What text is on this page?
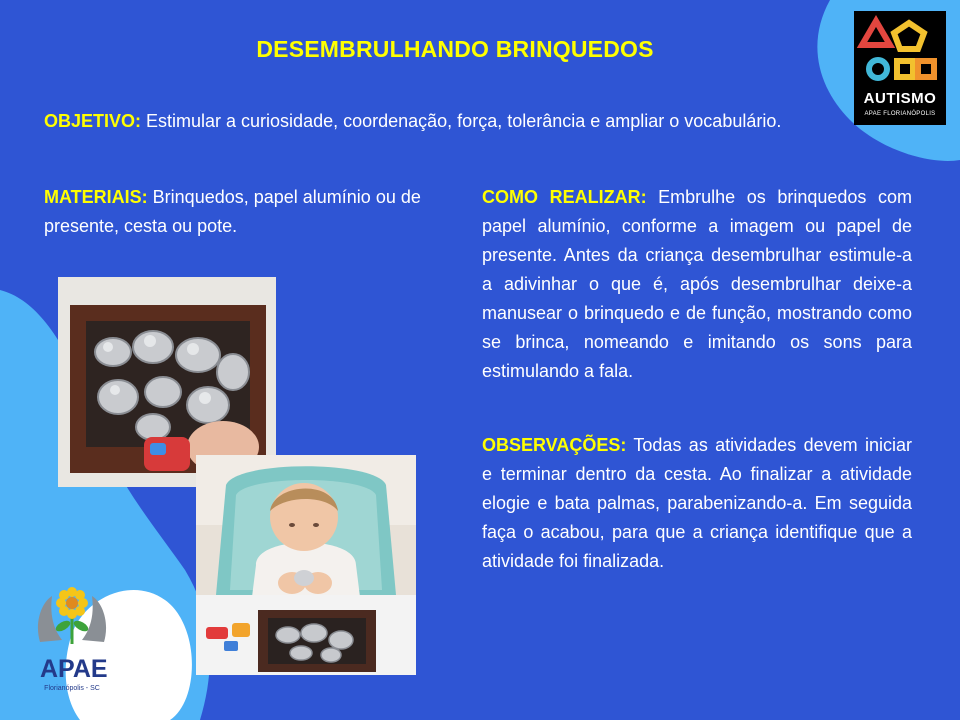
DESEMBRULHANDO BRINQUEDOS

OBJETIVO: Estimular a curiosidade, coordenação, força, tolerância e ampliar o vocabulário.

MATERIAIS: Brinquedos, papel alumínio ou de presente, cesta ou pote.

COMO REALIZAR: Embrulhe os brinquedos com papel alumínio, conforme a imagem ou papel de presente. Antes da criança desembrulhar estimule-a a adivinhar o que é, após desembrulhar deixe-a manusear o brinquedo e de função, mostrando como se brinca, nomeando e imitando os sons para estimulando a fala.

OBSERVAÇÕES: Todas as atividades devem iniciar e terminar dentro da cesta. Ao finalizar a atividade elogie e bata palmas, parabenizando-a. Em seguida faça o acabou, para que a criança identifique que a atividade foi finalizada.

AUTISMO
APAE FLORIANÓPOLIS
APAE
Florianópolis - SC
